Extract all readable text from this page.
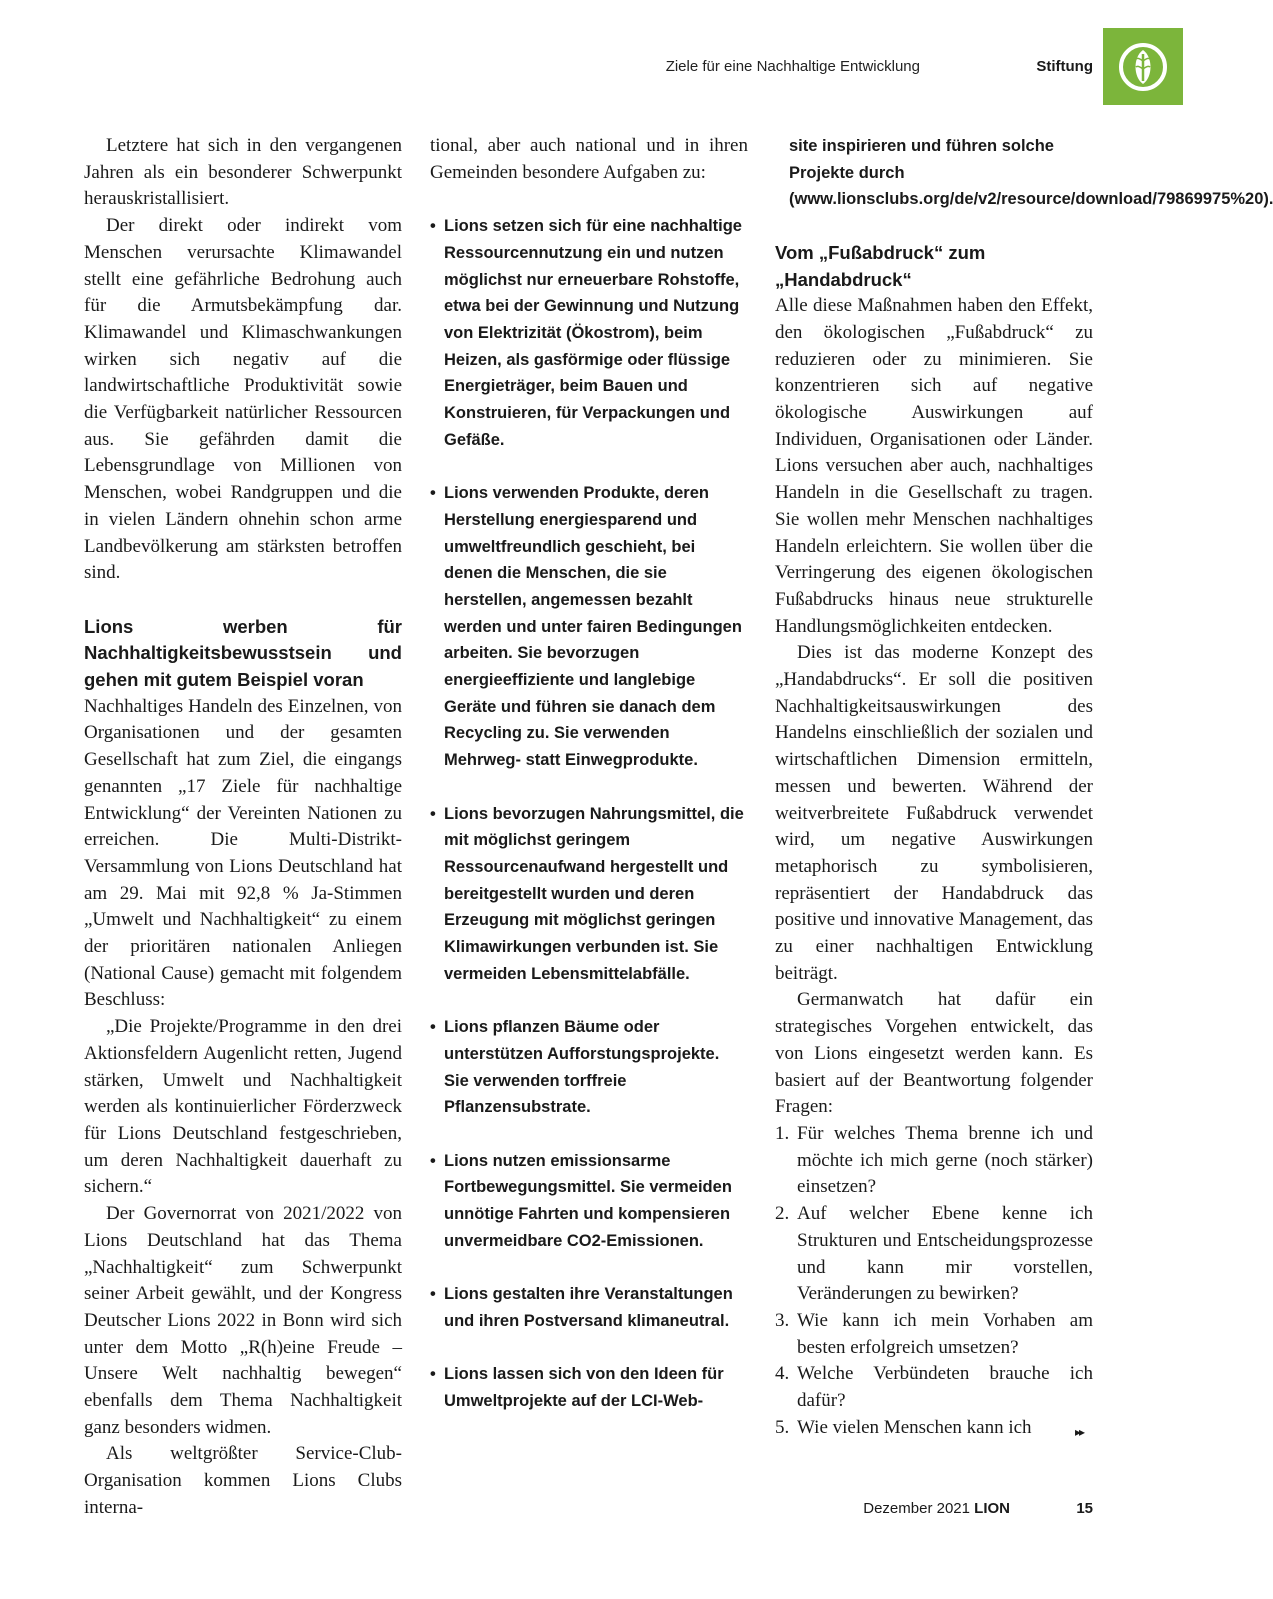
Ziele für eine Nachhaltige Entwicklung	Stiftung

Letztere hat sich in den vergangenen Jahren als ein besonderer Schwerpunkt herauskristallisiert.

Der direkt oder indirekt vom Menschen verursachte Klimawandel stellt eine gefährliche Bedrohung auch für die Armutsbekämpfung dar. Klimawandel und Klimaschwankungen wirken sich negativ auf die landwirtschaftliche Produktivität sowie die Verfügbarkeit natürlicher Ressourcen aus. Sie gefährden damit die Lebensgrundlage von Millionen von Menschen, wobei Randgruppen und die in vielen Ländern ohnehin schon arme Landbevölkerung am stärksten betroffen sind.

Lions werben für Nachhaltigkeitsbewusstsein und gehen mit gutem Beispiel voran

Nachhaltiges Handeln des Einzelnen, von Organisationen und der gesamten Gesellschaft hat zum Ziel, die eingangs genannten „17 Ziele für nachhaltige Entwicklung“ der Vereinten Nationen zu erreichen. Die Multi-Distrikt-Versammlung von Lions Deutschland hat am 29. Mai mit 92,8 % Ja-Stimmen „Umwelt und Nachhaltigkeit“ zu einem der prioritären nationalen Anliegen (National Cause) gemacht mit folgendem Beschluss:

„Die Projekte/Programme in den drei Aktionsfeldern Augenlicht retten, Jugend stärken, Umwelt und Nachhaltigkeit werden als kontinuierlicher Förderzweck für Lions Deutschland festgeschrieben, um deren Nachhaltigkeit dauerhaft zu sichern.“

Der Governorrat von 2021/2022 von Lions Deutschland hat das Thema „Nachhaltigkeit“ zum Schwerpunkt seiner Arbeit gewählt, und der Kongress Deutscher Lions 2022 in Bonn wird sich unter dem Motto „R(h)eine Freude – Unsere Welt nachhaltig bewegen“ ebenfalls dem Thema Nachhaltigkeit ganz besonders widmen.

Als weltgrößter Service-Club-Organisation kommen Lions Clubs interna-

tional, aber auch national und in ihren Gemeinden besondere Aufgaben zu:
• Lions setzen sich für eine nachhaltige Ressourcennutzung ein und nutzen möglichst nur erneuerbare Rohstoffe, etwa bei der Gewinnung und Nutzung von Elektrizität (Ökostrom), beim Heizen, als gasförmige oder flüssige Energieträger, beim Bauen und Konstruieren, für Verpackungen und Gefäße.
• Lions verwenden Produkte, deren Herstellung energiesparend und umweltfreundlich geschieht, bei denen die Menschen, die sie herstellen, angemessen bezahlt werden und unter fairen Bedingungen arbeiten. Sie bevorzugen energieeffiziente und langlebige Geräte und führen sie danach dem Recycling zu. Sie verwenden Mehrweg- statt Einwegprodukte.
• Lions bevorzugen Nahrungsmittel, die mit möglichst geringem Ressourcenaufwand hergestellt und bereitgestellt wurden und deren Erzeugung mit möglichst geringen Klimawirkungen verbunden ist. Sie vermeiden Lebensmittelabfälle.
• Lions pflanzen Bäume oder unterstützen Aufforstungsprojekte. Sie verwenden torffreie Pflanzensubstrate.
• Lions nutzen emissionsarme Fortbewegungsmittel. Sie vermeiden unnötige Fahrten und kompensieren unvermeidbare CO2-Emissionen.
• Lions gestalten ihre Veranstaltungen und ihren Postversand klimaneutral.
• Lions lassen sich von den Ideen für Umweltprojekte auf der LCI-Web-
site inspirieren und führen solche Projekte durch (www.lionsclubs.org/de/v2/resource/download/79869975%20).
Vom „Fußabdruck“ zum „Handabdruck“

Alle diese Maßnahmen haben den Effekt, den ökologischen „Fußabdruck“ zu reduzieren oder zu minimieren. Sie konzentrieren sich auf negative ökologische Auswirkungen auf Individuen, Organisationen oder Länder. Lions versuchen aber auch, nachhaltiges Handeln in die Gesellschaft zu tragen. Sie wollen mehr Menschen nachhaltiges Handeln erleichtern. Sie wollen über die Verringerung des eigenen ökologischen Fußabdrucks hinaus neue strukturelle Handlungsmöglichkeiten entdecken.

Dies ist das moderne Konzept des „Handabdrucks“. Er soll die positiven Nachhaltigkeitsauswirkungen des Handelns einschließlich der sozialen und wirtschaftlichen Dimension ermitteln, messen und bewerten. Während der weitverbreitete Fußabdruck verwendet wird, um negative Auswirkungen metaphorisch zu symbolisieren, repräsentiert der Handabdruck das positive und innovative Management, das zu einer nachhaltigen Entwicklung beiträgt.

Germanwatch hat dafür ein strategisches Vorgehen entwickelt, das von Lions eingesetzt werden kann. Es basiert auf der Beantwortung folgender Fragen:

1. Für welches Thema brenne ich und möchte ich mich gerne (noch stärker) einsetzen?
2. Auf welcher Ebene kenne ich Strukturen und Entscheidungsprozesse und kann mir vorstellen, Veränderungen zu bewirken?
3. Wie kann ich mein Vorhaben am besten erfolgreich umsetzen?
4. Welche Verbündeten brauche ich dafür?
5. Wie vielen Menschen kann ich	▸▸
Dezember 2021 LION	15
